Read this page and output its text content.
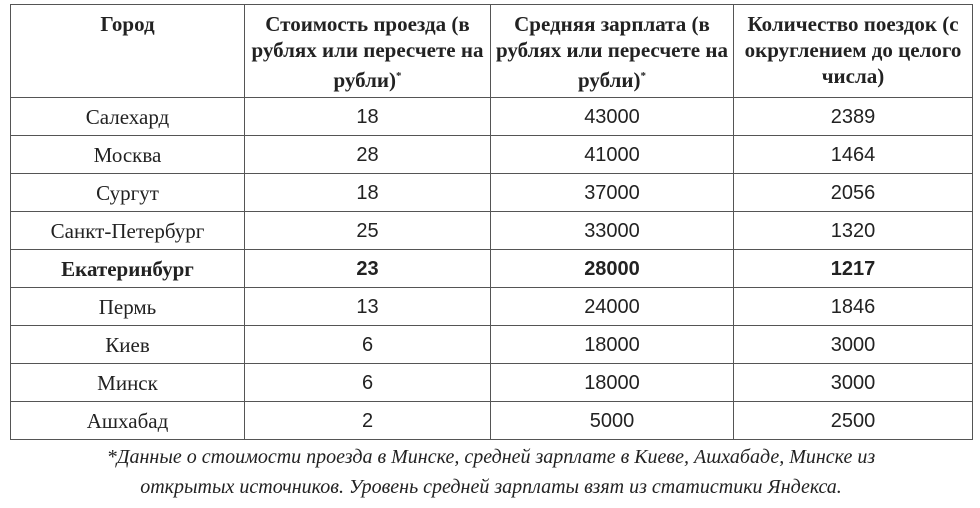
Город	Стоимость проезда (в рублях или пересчете на рубли)*	Средняя зарплата (в рублях или пересчете на рубли)*	Количество поездок (с округлением до целого числа)
Салехард	18	43000	2389
Москва	28	41000	1464
Сургут	18	37000	2056
Санкт-Петербург	25	33000	1320
Екатеринбург	23	28000	1217
Пермь	13	24000	1846
Киев	6	18000	3000
Минск	6	18000	3000
Ашхабад	2	5000	2500
*Данные о стоимости проезда в Минске, средней зарплате в Киеве, Ашхабаде, Минске из
открытых источников. Уровень средней зарплаты взят из статистики Яндекса.
